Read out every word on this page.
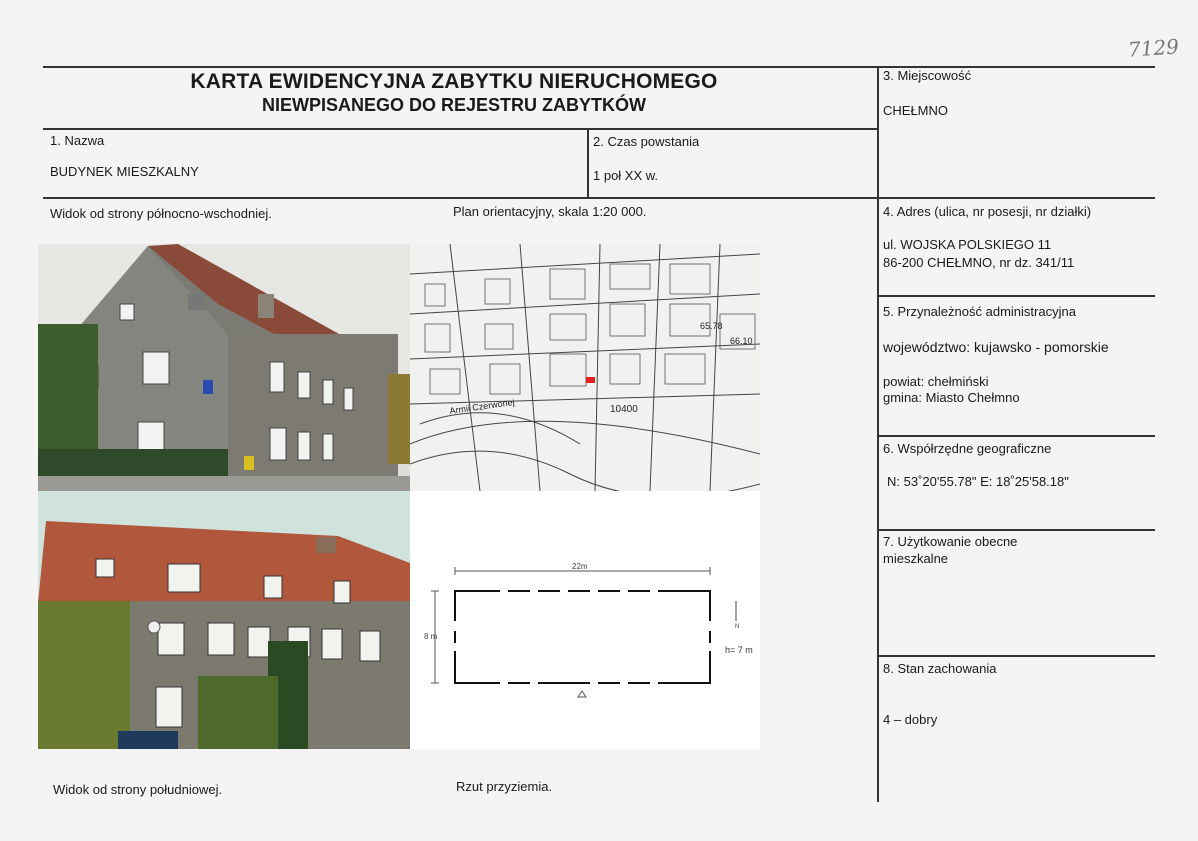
7129
KARTA EWIDENCYJNA ZABYTKU NIERUCHOMEGO
NIEWPISANEGO DO REJESTRU ZABYTKÓW
1. Nazwa
BUDYNEK MIESZKALNY
2. Czas powstania
1 poł XX w.
3. Miejscowość
CHEŁMNO
4. Adres (ulica, nr posesji, nr działki)
ul. WOJSKA POLSKIEGO 11
86-200 CHEŁMNO, nr dz. 341/11
5. Przynależność administracyjna
województwo: kujawsko - pomorskie
powiat: chełmiński
gmina: Miasto Chełmno
6. Współrzędne geograficzne
N: 53˚20'55.78" E: 18˚25'58.18"
7. Użytkowanie obecne
mieszkalne
8. Stan zachowania
4 – dobry
Widok od strony północno-wschodniej.	Plan orientacyjny, skala 1:20 000.
Widok od strony południowej.	Rzut przyziemia.
Armii Czerwonej	10400
65.78
66.10
22m
8 m
h= 7 m
N
